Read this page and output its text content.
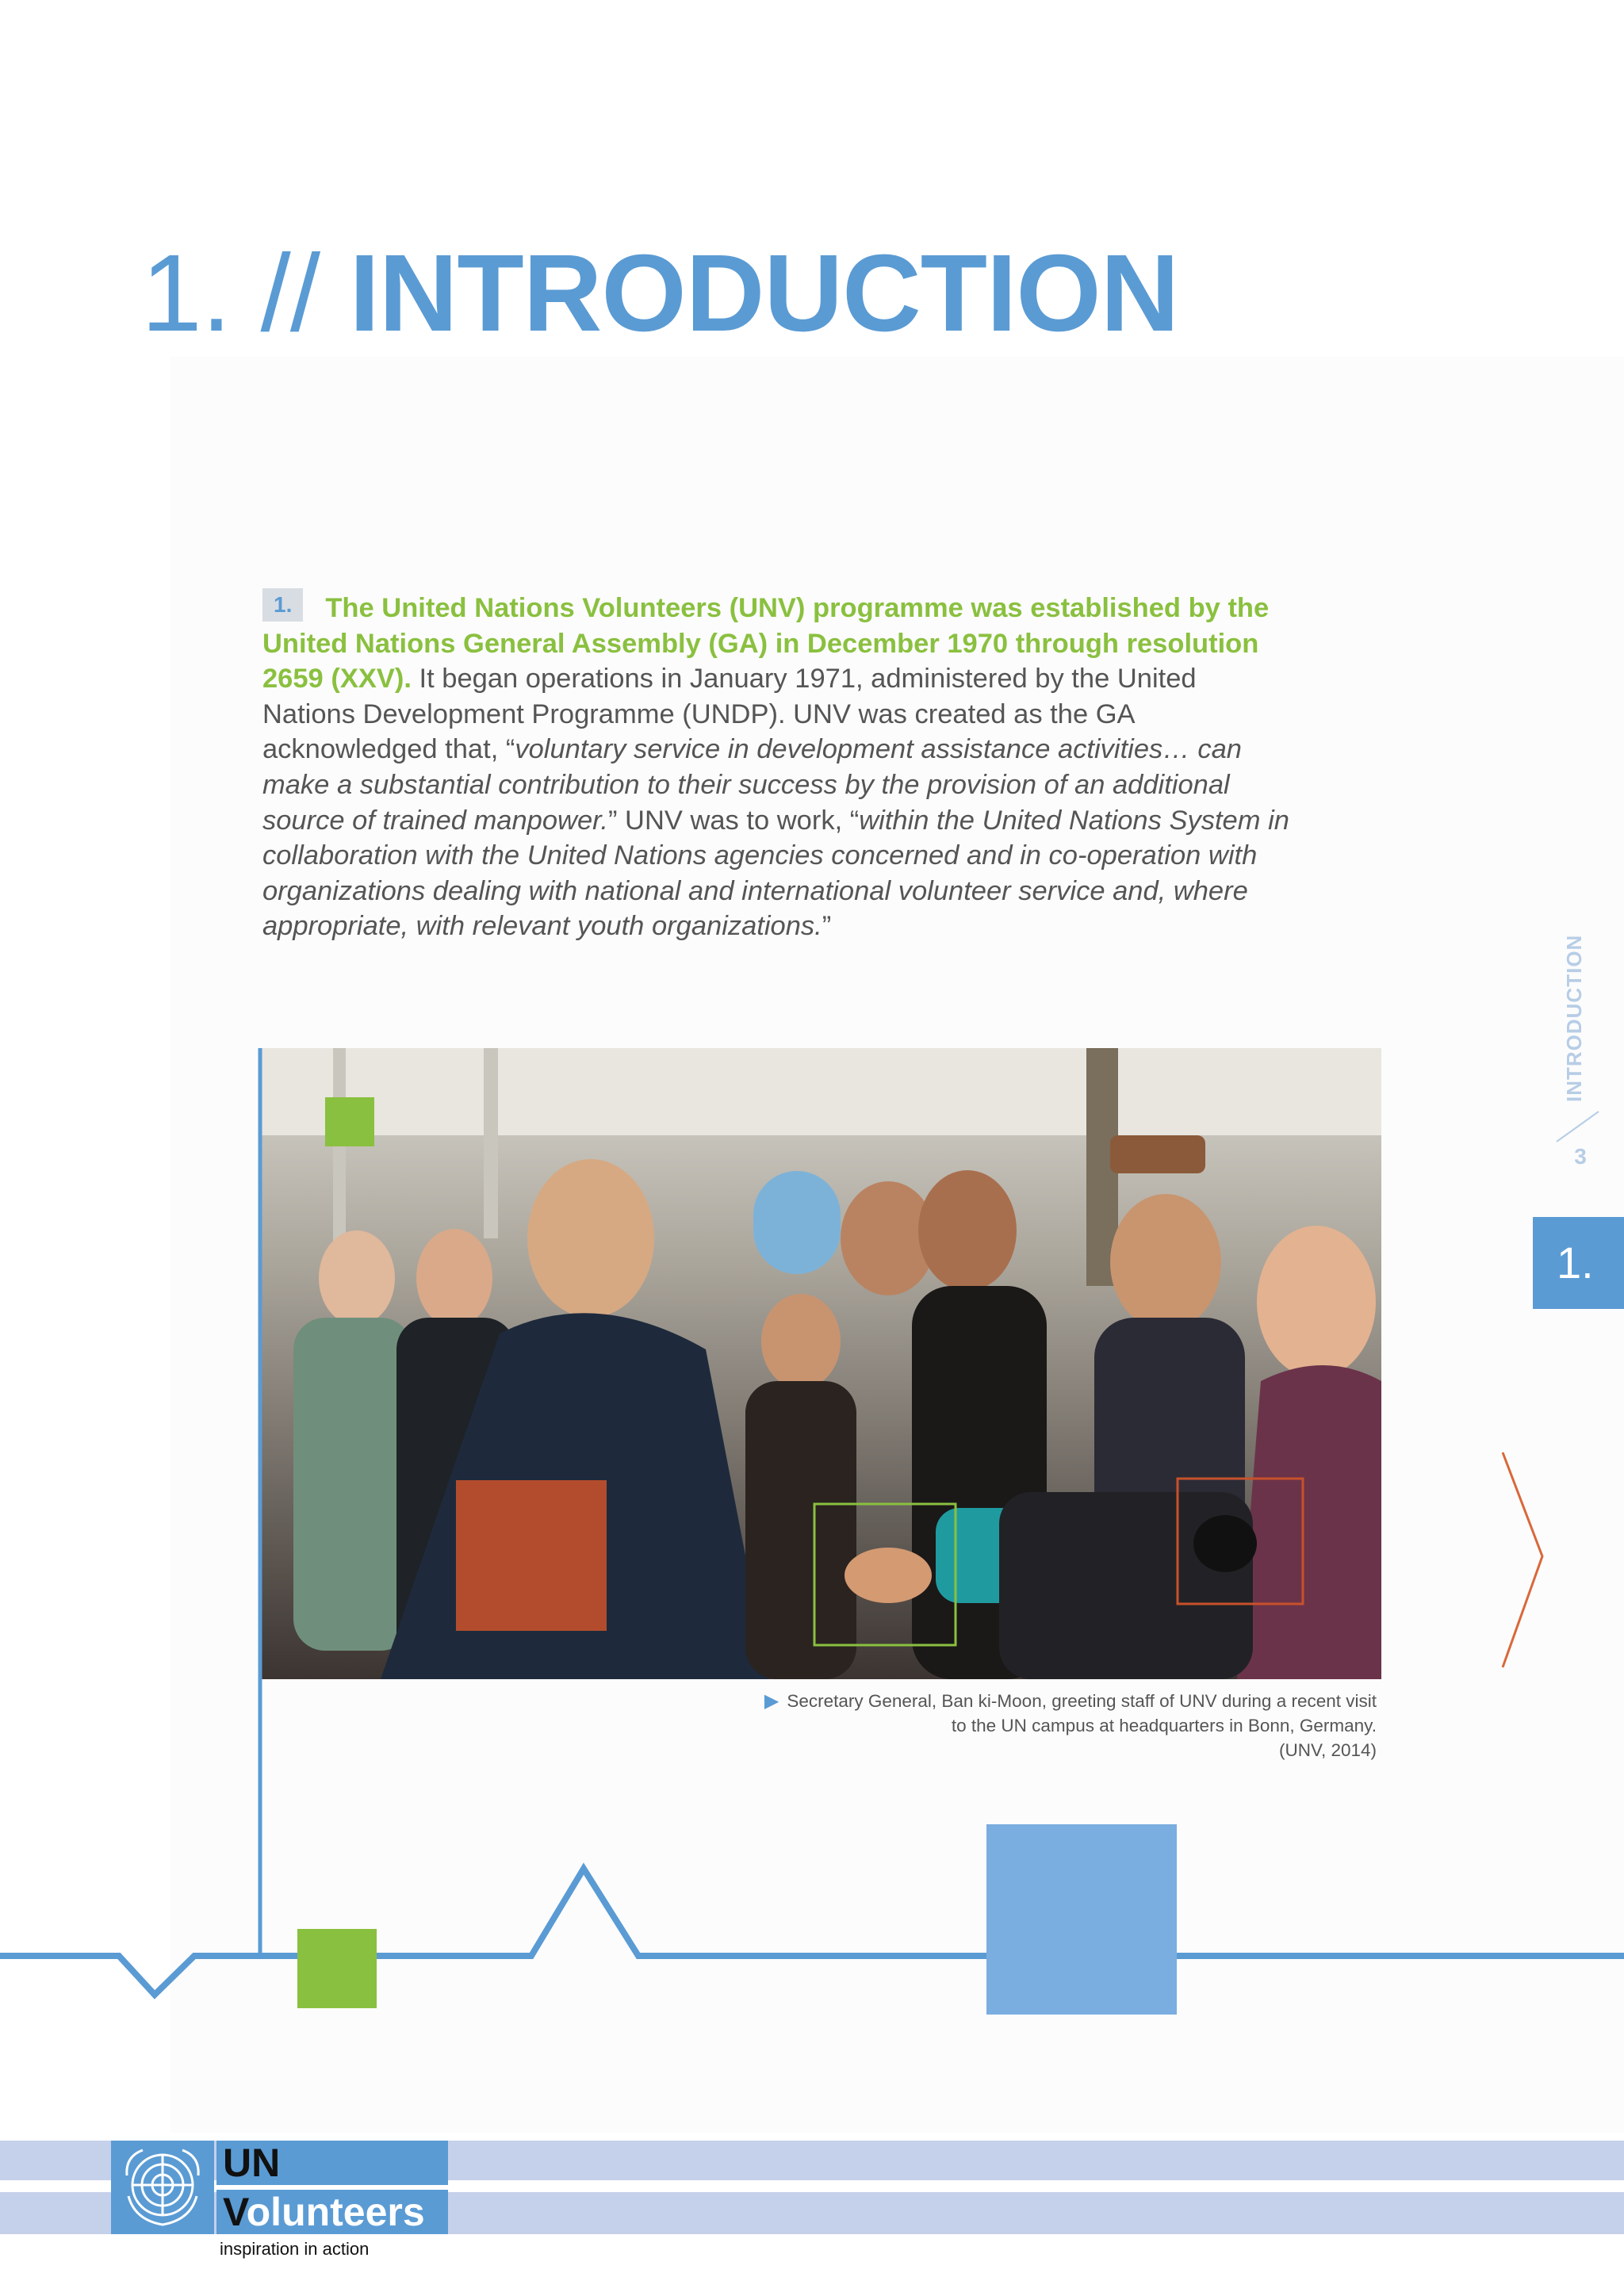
1. // INTRODUCTION
1. The United Nations Volunteers (UNV) programme was established by the United Nations General Assembly (GA) in December 1970 through resolution 2659 (XXV). It began operations in January 1971, administered by the United Nations Development Programme (UNDP). UNV was created as the GA acknowledged that, “voluntary service in development assistance activities… can make a substantial contribution to their success by the provision of an additional source of trained manpower.” UNV was to work, “within the United Nations System in collaboration with the United Nations agencies concerned and in co-operation with organizations dealing with national and international volunteer service and, where appropriate, with relevant youth organizations.”
▶ Secretary General, Ban ki-Moon, greeting staff of UNV during a recent visit
to the UN campus at headquarters in Bonn, Germany.
(UNV, 2014)
3
1.
UN
Volunteers
inspiration in action
